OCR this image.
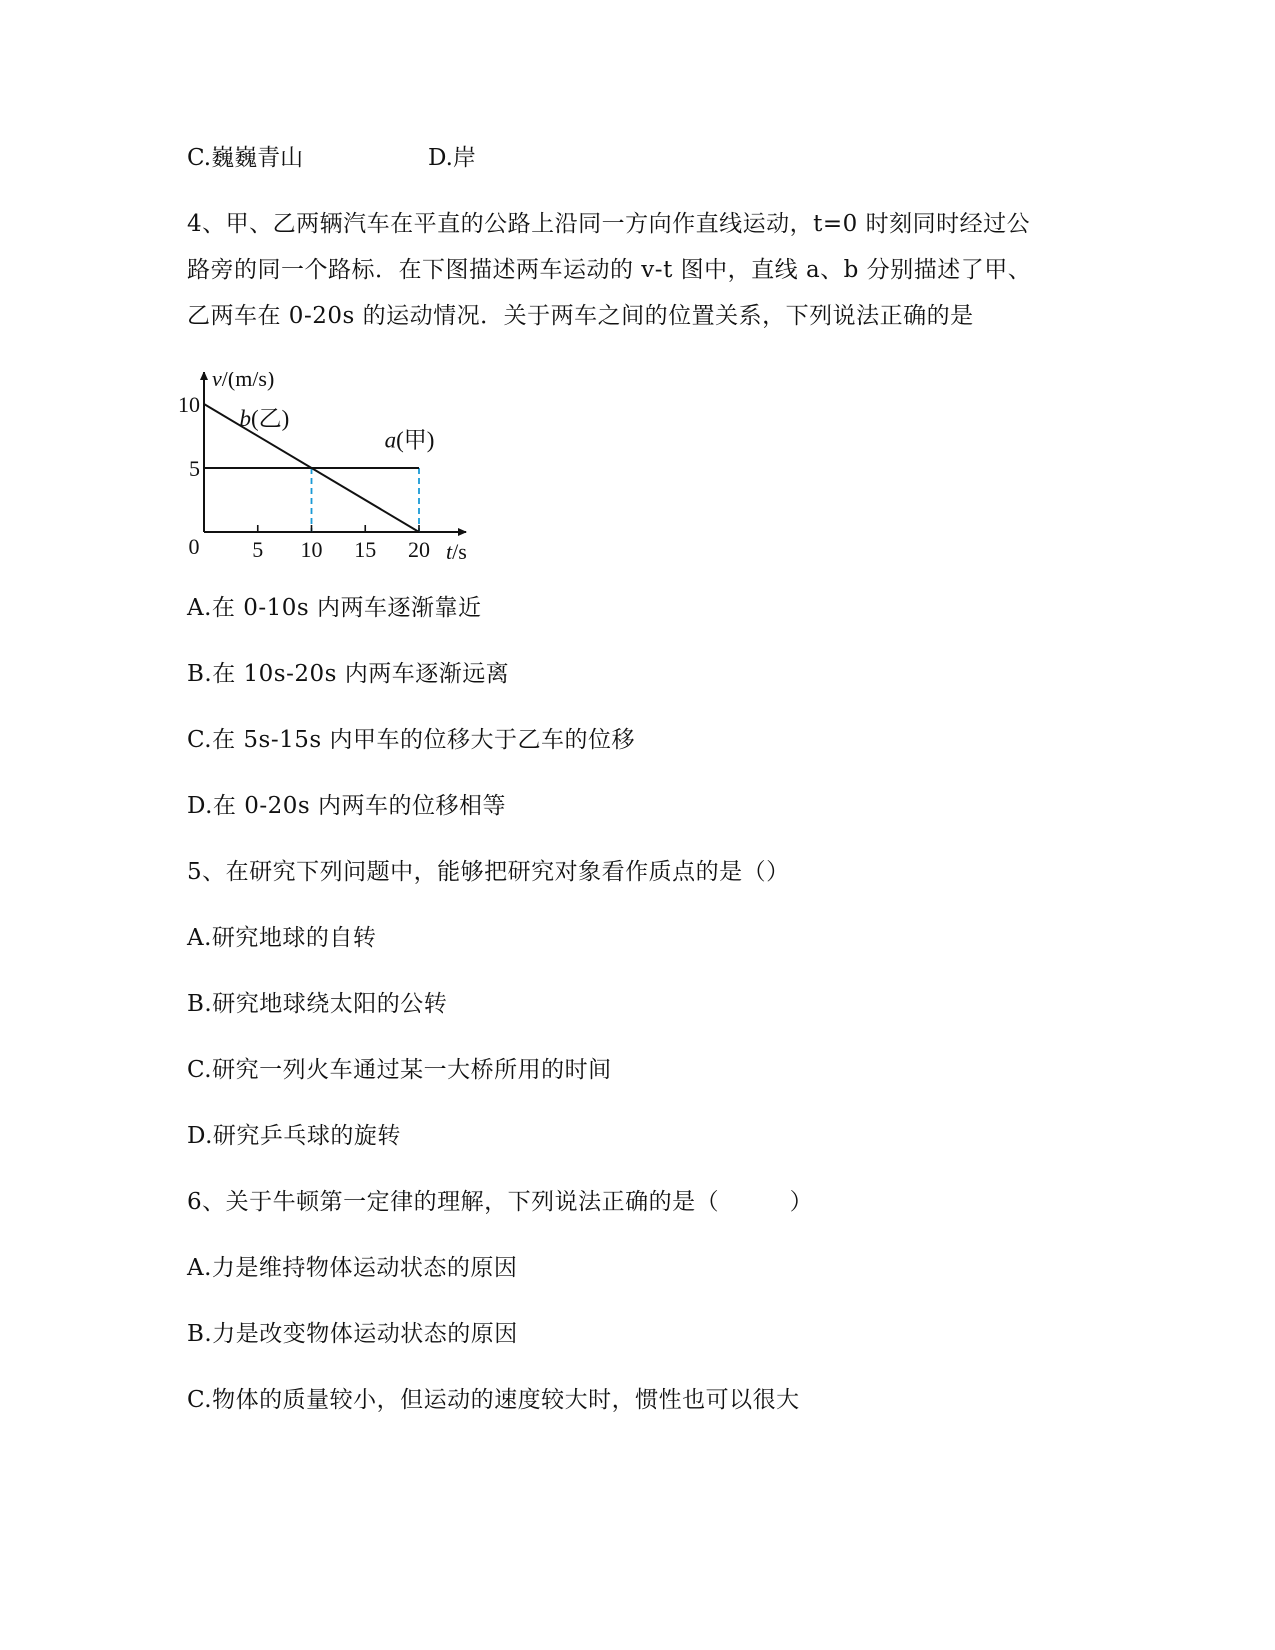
C.巍巍青山	D.岸
4、甲、乙两辆汽车在平直的公路上沿同一方向作直线运动，t=0 时刻同时经过公
路旁的同一个路标．在下图描述两车运动的 v-t 图中，直线 a、b 分别描述了甲、
乙两车在 0-20s 的运动情况．关于两车之间的位置关系，下列说法正确的是
5 10 15 20
5
10
0
b(乙)
a(甲)
v/(m/s)
t/s
A.在 0-10s 内两车逐渐靠近
B.在 10s-20s 内两车逐渐远离
C.在 5s-15s 内甲车的位移大于乙车的位移
D.在 0-20s 内两车的位移相等
5、在研究下列问题中，能够把研究对象看作质点的是（）
A.研究地球的自转
B.研究地球绕太阳的公转
C.研究一列火车通过某一大桥所用的时间
D.研究乒乓球的旋转
6、关于牛顿第一定律的理解，下列说法正确的是（　　　）
A.力是维持物体运动状态的原因
B.力是改变物体运动状态的原因
C.物体的质量较小，但运动的速度较大时，惯性也可以很大
